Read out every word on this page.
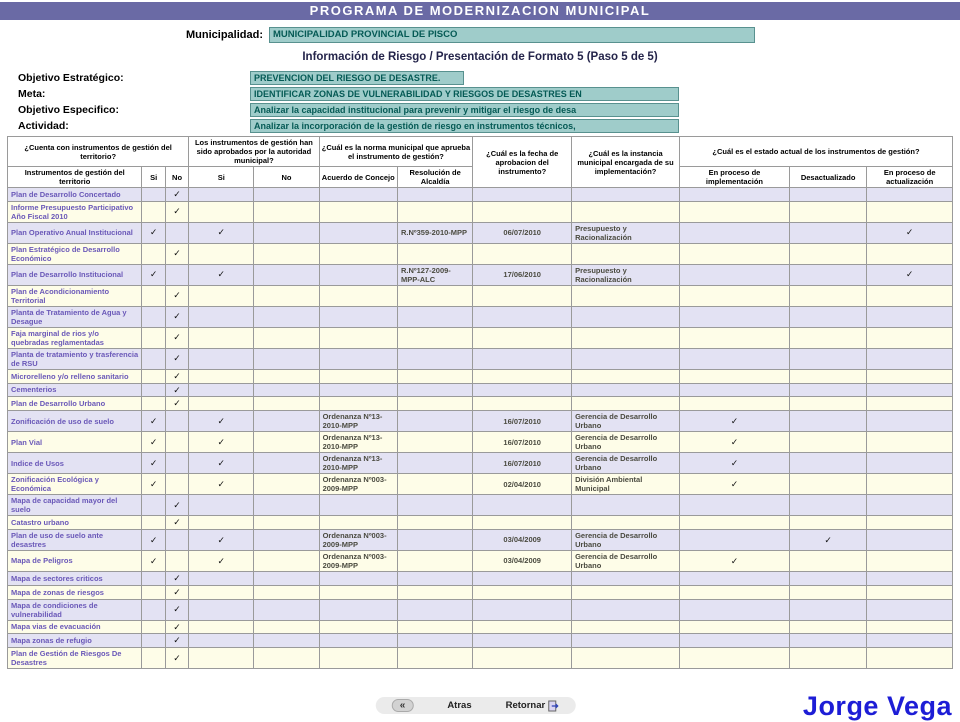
PROGRAMA DE MODERNIZACION MUNICIPAL
Municipalidad:	MUNICIPALIDAD PROVINCIAL DE PISCO
Información de Riesgo / Presentación de Formato 5 (Paso 5 de 5)
Objetivo Estratégico:	PREVENCION DEL RIESGO DE DESASTRE.
Meta:	IDENTIFICAR ZONAS DE VULNERABILIDAD Y RIESGOS DE DESASTRES EN
Objetivo Especifico:	Analizar la capacidad institucional para prevenir y mitigar el riesgo de desa
Actividad:	Analizar la incorporación de la gestión de riesgo en instrumentos técnicos,
¿Cuenta con instrumentos de gestión del territorio?			Los instrumentos de gestión han sido aprobados por la autoridad municipal?		¿Cuál es la norma municipal que aprueba el instrumento de gestión?		¿Cuál es la fecha de aprobacion del instrumento?	¿Cuál es la instancia municipal encargada de su implementación?	¿Cuál es el estado actual de los instrumentos de gestión?		
Instrumentos de gestión del territorio	Si	No	Si	No	Acuerdo de Concejo	Resolución de Alcaldía			En proceso de implementación	Desactualizado	En proceso de actualización
Plan de Desarrollo Concertado		✓									
Informe Presupuesto Participativo Año Fiscal 2010		✓									
Plan Operativo Anual Institucional	✓		✓			R.Nº359-2010-MPP	06/07/2010	Presupuesto y Racionalización			✓
Plan Estratégico de Desarrollo Económico		✓									
Plan de Desarrollo Institucional	✓		✓			R.Nº127-2009-MPP-ALC	17/06/2010	Presupuesto y Racionalización			✓
Plan de Acondicionamiento Territorial		✓									
Planta de Tratamiento de Agua y Desague		✓									
Faja marginal de rios y/o quebradas reglamentadas		✓									
Planta de tratamiento y trasferencia de RSU		✓									
Microrelleno y/o relleno sanitario		✓									
Cementerios		✓									
Plan de Desarrollo Urbano		✓									
Zonificación de uso de suelo	✓		✓		Ordenanza Nº13-2010-MPP		16/07/2010	Gerencia de Desarrollo Urbano	✓		
Plan Vial	✓		✓		Ordenanza Nº13-2010-MPP		16/07/2010	Gerencia de Desarrollo Urbano	✓		
Indice de Usos	✓		✓		Ordenanza Nº13-2010-MPP		16/07/2010	Gerencia de Desarrollo Urbano	✓		
Zonificación Ecológica y Económica	✓		✓		Ordenanza Nº003-2009-MPP		02/04/2010	División Ambiental Municipal	✓		
Mapa de capacidad mayor del suelo		✓									
Catastro urbano		✓									
Plan de uso de suelo ante desastres	✓		✓		Ordenanza Nº003-2009-MPP		03/04/2009	Gerencia de Desarrollo Urbano		✓	
Mapa de Peligros	✓		✓		Ordenanza Nº003-2009-MPP		03/04/2009	Gerencia de Desarrollo Urbano	✓		
Mapa de sectores criticos		✓									
Mapa de zonas de riesgos		✓									
Mapa de condiciones de vulnerabilidad		✓									
Mapa vias de evacuación		✓									
Mapa zonas de refugio		✓									
Plan de Gestión de Riesgos De Desastres		✓									
«	Atras	Retornar	Jorge Vega
